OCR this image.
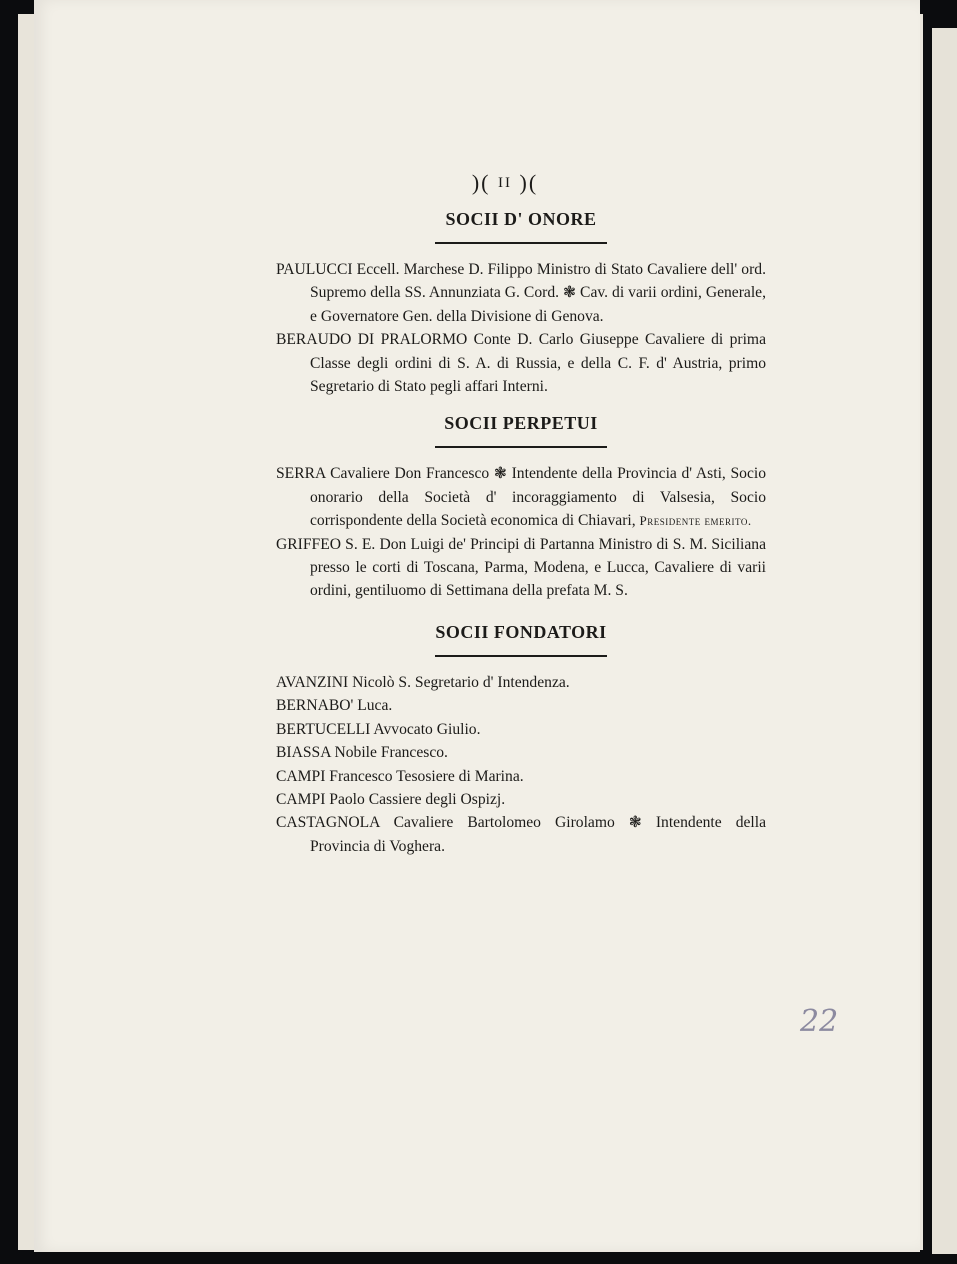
)( II )(
SOCII D' ONORE

PAULUCCI Eccell. Marchese D. Filippo Ministro di Stato Cavaliere dell' ord. Supremo della SS. Annunziata G. Cord. ❃ Cav. di varii ordini, Generale, e Governatore Gen. della Divisione di Genova.

BERAUDO DI PRALORMO Conte D. Carlo Giuseppe Cavaliere di prima Classe degli ordini di S. A. di Russia, e della C. F. d' Austria, primo Segretario di Stato pegli affari Interni.

SOCII PERPETUI

SERRA Cavaliere Don Francesco ❃ Intendente della Provincia d' Asti, Socio onorario della Società d' incoraggiamento di Valsesia, Socio corrispondente della Società economica di Chiavari, Presidente emerito.

GRIFFEO S. E. Don Luigi de' Principi di Partanna Ministro di S. M. Siciliana presso le corti di Toscana, Parma, Modena, e Lucca, Cavaliere di varii ordini, gentiluomo di Settimana della prefata M. S.

SOCII FONDATORI

AVANZINI Nicolò S. Segretario d' Intendenza.

BERNABO' Luca.

BERTUCELLI Avvocato Giulio.

BIASSA Nobile Francesco.

CAMPI Francesco Tesosiere di Marina.

CAMPI Paolo Cassiere degli Ospizj.

CASTAGNOLA Cavaliere Bartolomeo Girolamo ❃ Intendente della Provincia di Voghera.

22
